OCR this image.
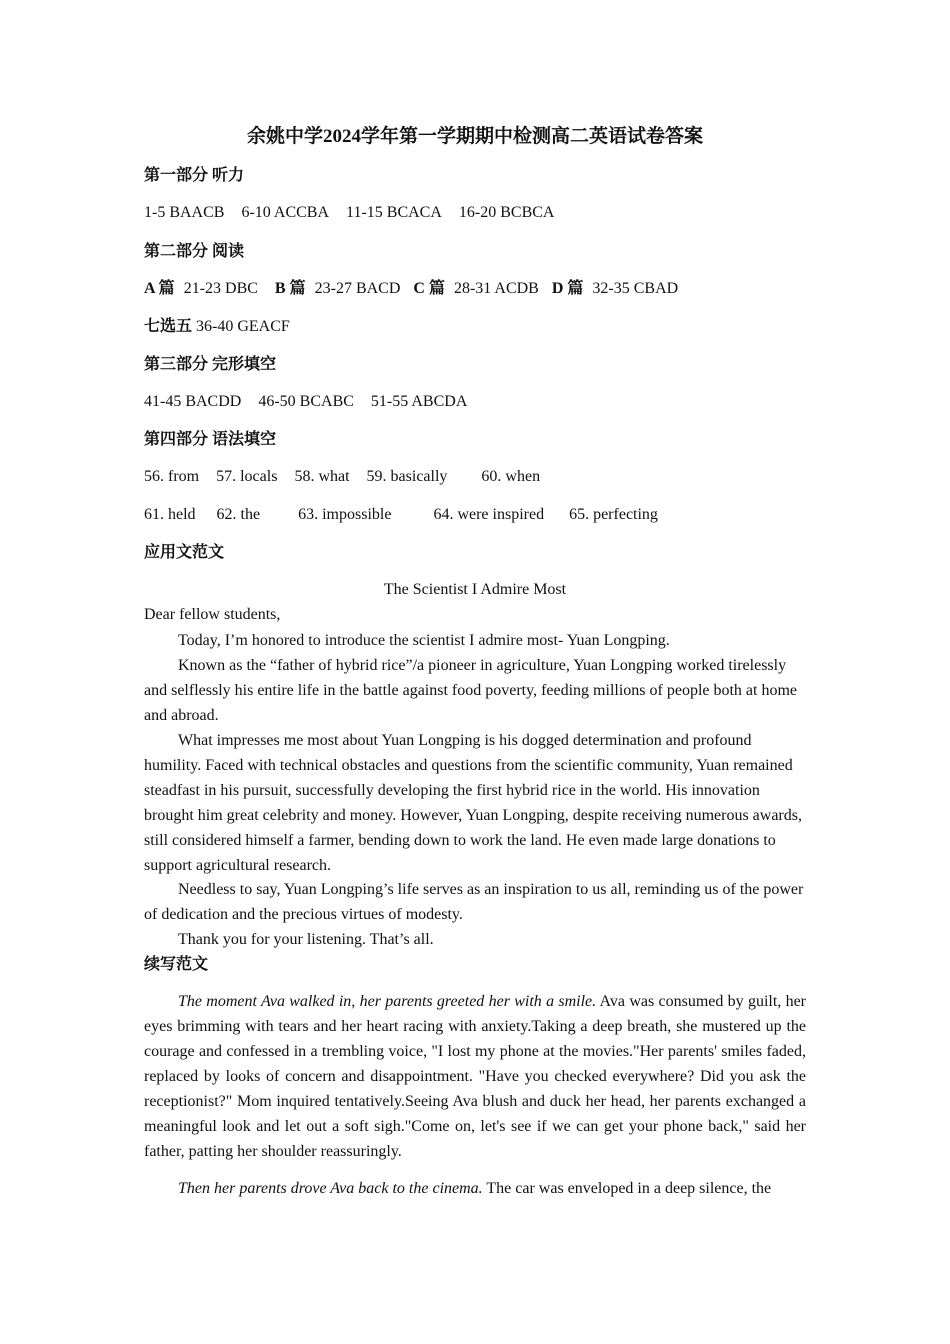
余姚中学2024学年第一学期期中检测高二英语试卷答案
第一部分 听力
1-5 BAACB 6-10 ACCBA 11-15 BCACA 16-20 BCBCA
第二部分 阅读
A 篇 21-23 DBC B 篇 23-27 BACD C 篇 28-31 ACDB D 篇 32-35 CBAD
七选五 36-40 GEACF
第三部分 完形填空
41-45 BACDD 46-50 BCABC 51-55 ABCDA
第四部分 语法填空
56. from 57. locals 58. what 59. basically 60. when
61. held 62. the 63. impossible	64. were inspired 65. perfecting
应用文范文
The Scientist I Admire Most
Dear fellow students,
Today, I’m honored to introduce the scientist I admire most- Yuan Longping.
Known as the “father of hybrid rice”/a pioneer in agriculture, Yuan Longping worked tirelessly and selflessly his entire life in the battle against food poverty, feeding millions of people both at home and abroad.
What impresses me most about Yuan Longping is his dogged determination and profound humility. Faced with technical obstacles and questions from the scientific community, Yuan remained steadfast in his pursuit, successfully developing the first hybrid rice in the world. His innovation brought him great celebrity and money. However, Yuan Longping, despite receiving numerous awards, still considered himself a farmer, bending down to work the land. He even made large donations to support agricultural research.
Needless to say, Yuan Longping’s life serves as an inspiration to us all, reminding us of the power of dedication and the precious virtues of modesty.
Thank you for your listening. That’s all.
续写范文
The moment Ava walked in, her parents greeted her with a smile. Ava was consumed by guilt, her eyes brimming with tears and her heart racing with anxiety.Taking a deep breath, she mustered up the courage and confessed in a trembling voice, "I lost my phone at the movies."Her parents' smiles faded, replaced by looks of concern and disappointment. "Have you checked everywhere? Did you ask the receptionist?" Mom inquired tentatively.Seeing Ava blush and duck her head, her parents exchanged a meaningful look and let out a soft sigh."Come on, let's see if we can get your phone back," said her father, patting her shoulder reassuringly.
Then her parents drove Ava back to the cinema. The car was enveloped in a deep silence, the
